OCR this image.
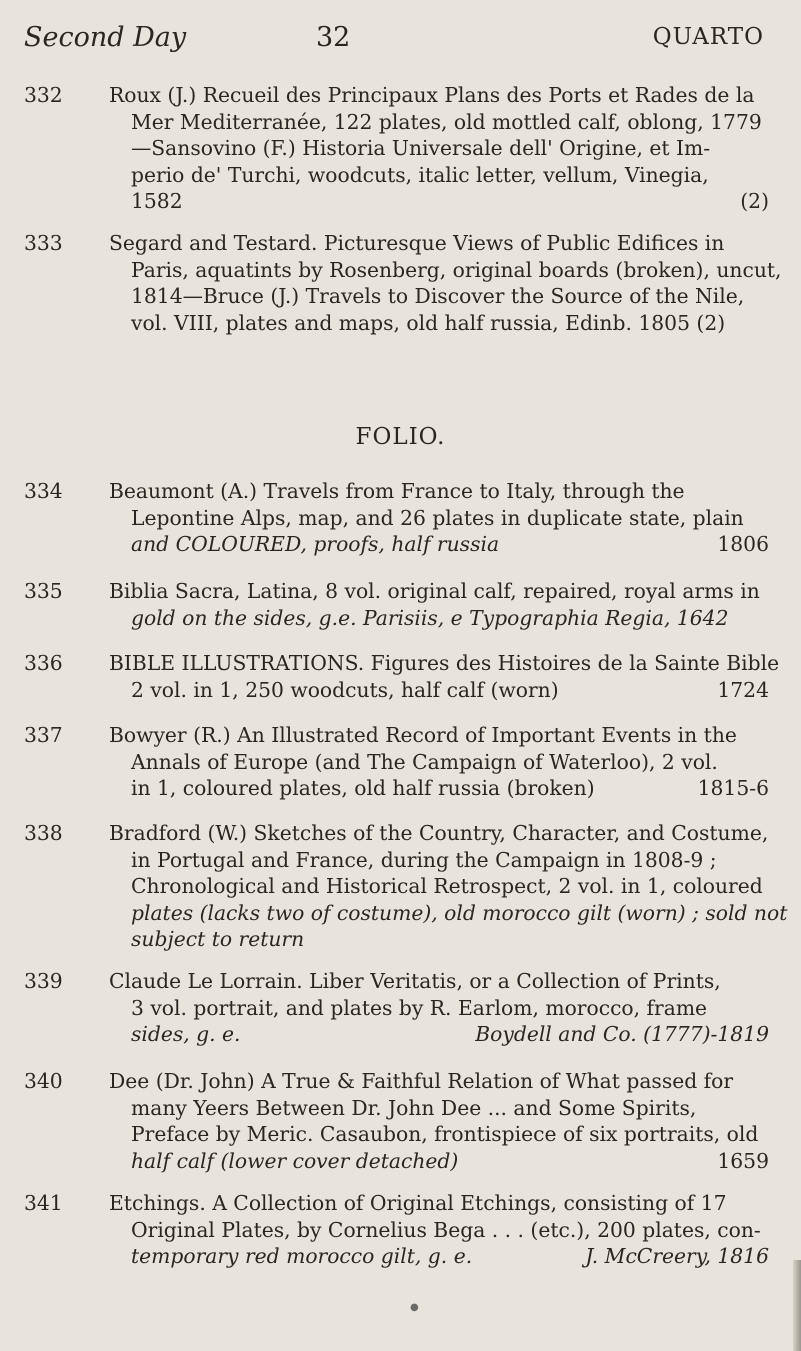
Second Day	32	QUARTO
332	Roux (J.) Recueil des Principaux Plans des Ports et Rades de la
Mer Mediterranée, 122 plates, old mottled calf, oblong, 1779
—Sansovino (F.) Historia Universale dell' Origine, et Im-
perio de' Turchi, woodcuts, italic letter, vellum, Vinegia,
1582	(2)
333	Segard and Testard. Picturesque Views of Public Edifices in
Paris, aquatints by Rosenberg, original boards (broken), uncut,
1814—Bruce (J.) Travels to Discover the Source of the Nile,
vol. VIII, plates and maps, old half russia, Edinb. 1805 (2)
FOLIO.
334	Beaumont (A.) Travels from France to Italy, through the
Lepontine Alps, map, and 26 plates in duplicate state, plain
and COLOURED, proofs, half russia	1806
335	Biblia Sacra, Latina, 8 vol. original calf, repaired, royal arms in
gold on the sides, g.e. Parisiis, e Typographia Regia, 1642
336	BIBLE ILLUSTRATIONS. Figures des Histoires de la Sainte Bible
2 vol. in 1, 250 woodcuts, half calf (worn)	1724
337	Bowyer (R.) An Illustrated Record of Important Events in the
Annals of Europe (and The Campaign of Waterloo), 2 vol.
in 1, coloured plates, old half russia (broken)	1815-6
338	Bradford (W.) Sketches of the Country, Character, and Costume,
in Portugal and France, during the Campaign in 1808-9 ;
Chronological and Historical Retrospect, 2 vol. in 1, coloured
plates (lacks two of costume), old morocco gilt (worn) ; sold not
subject to return
339	Claude Le Lorrain. Liber Veritatis, or a Collection of Prints,
3 vol. portrait, and plates by R. Earlom, morocco, frame
sides, g. e.	Boydell and Co. (1777)-1819
340	Dee (Dr. John) A True & Faithful Relation of What passed for
many Yeers Between Dr. John Dee ... and Some Spirits,
Preface by Meric. Casaubon, frontispiece of six portraits, old
half calf (lower cover detached)	1659
341	Etchings. A Collection of Original Etchings, consisting of 17
Original Plates, by Cornelius Bega . . . (etc.), 200 plates, con-
temporary red morocco gilt, g. e.	J. McCreery, 1816
●
